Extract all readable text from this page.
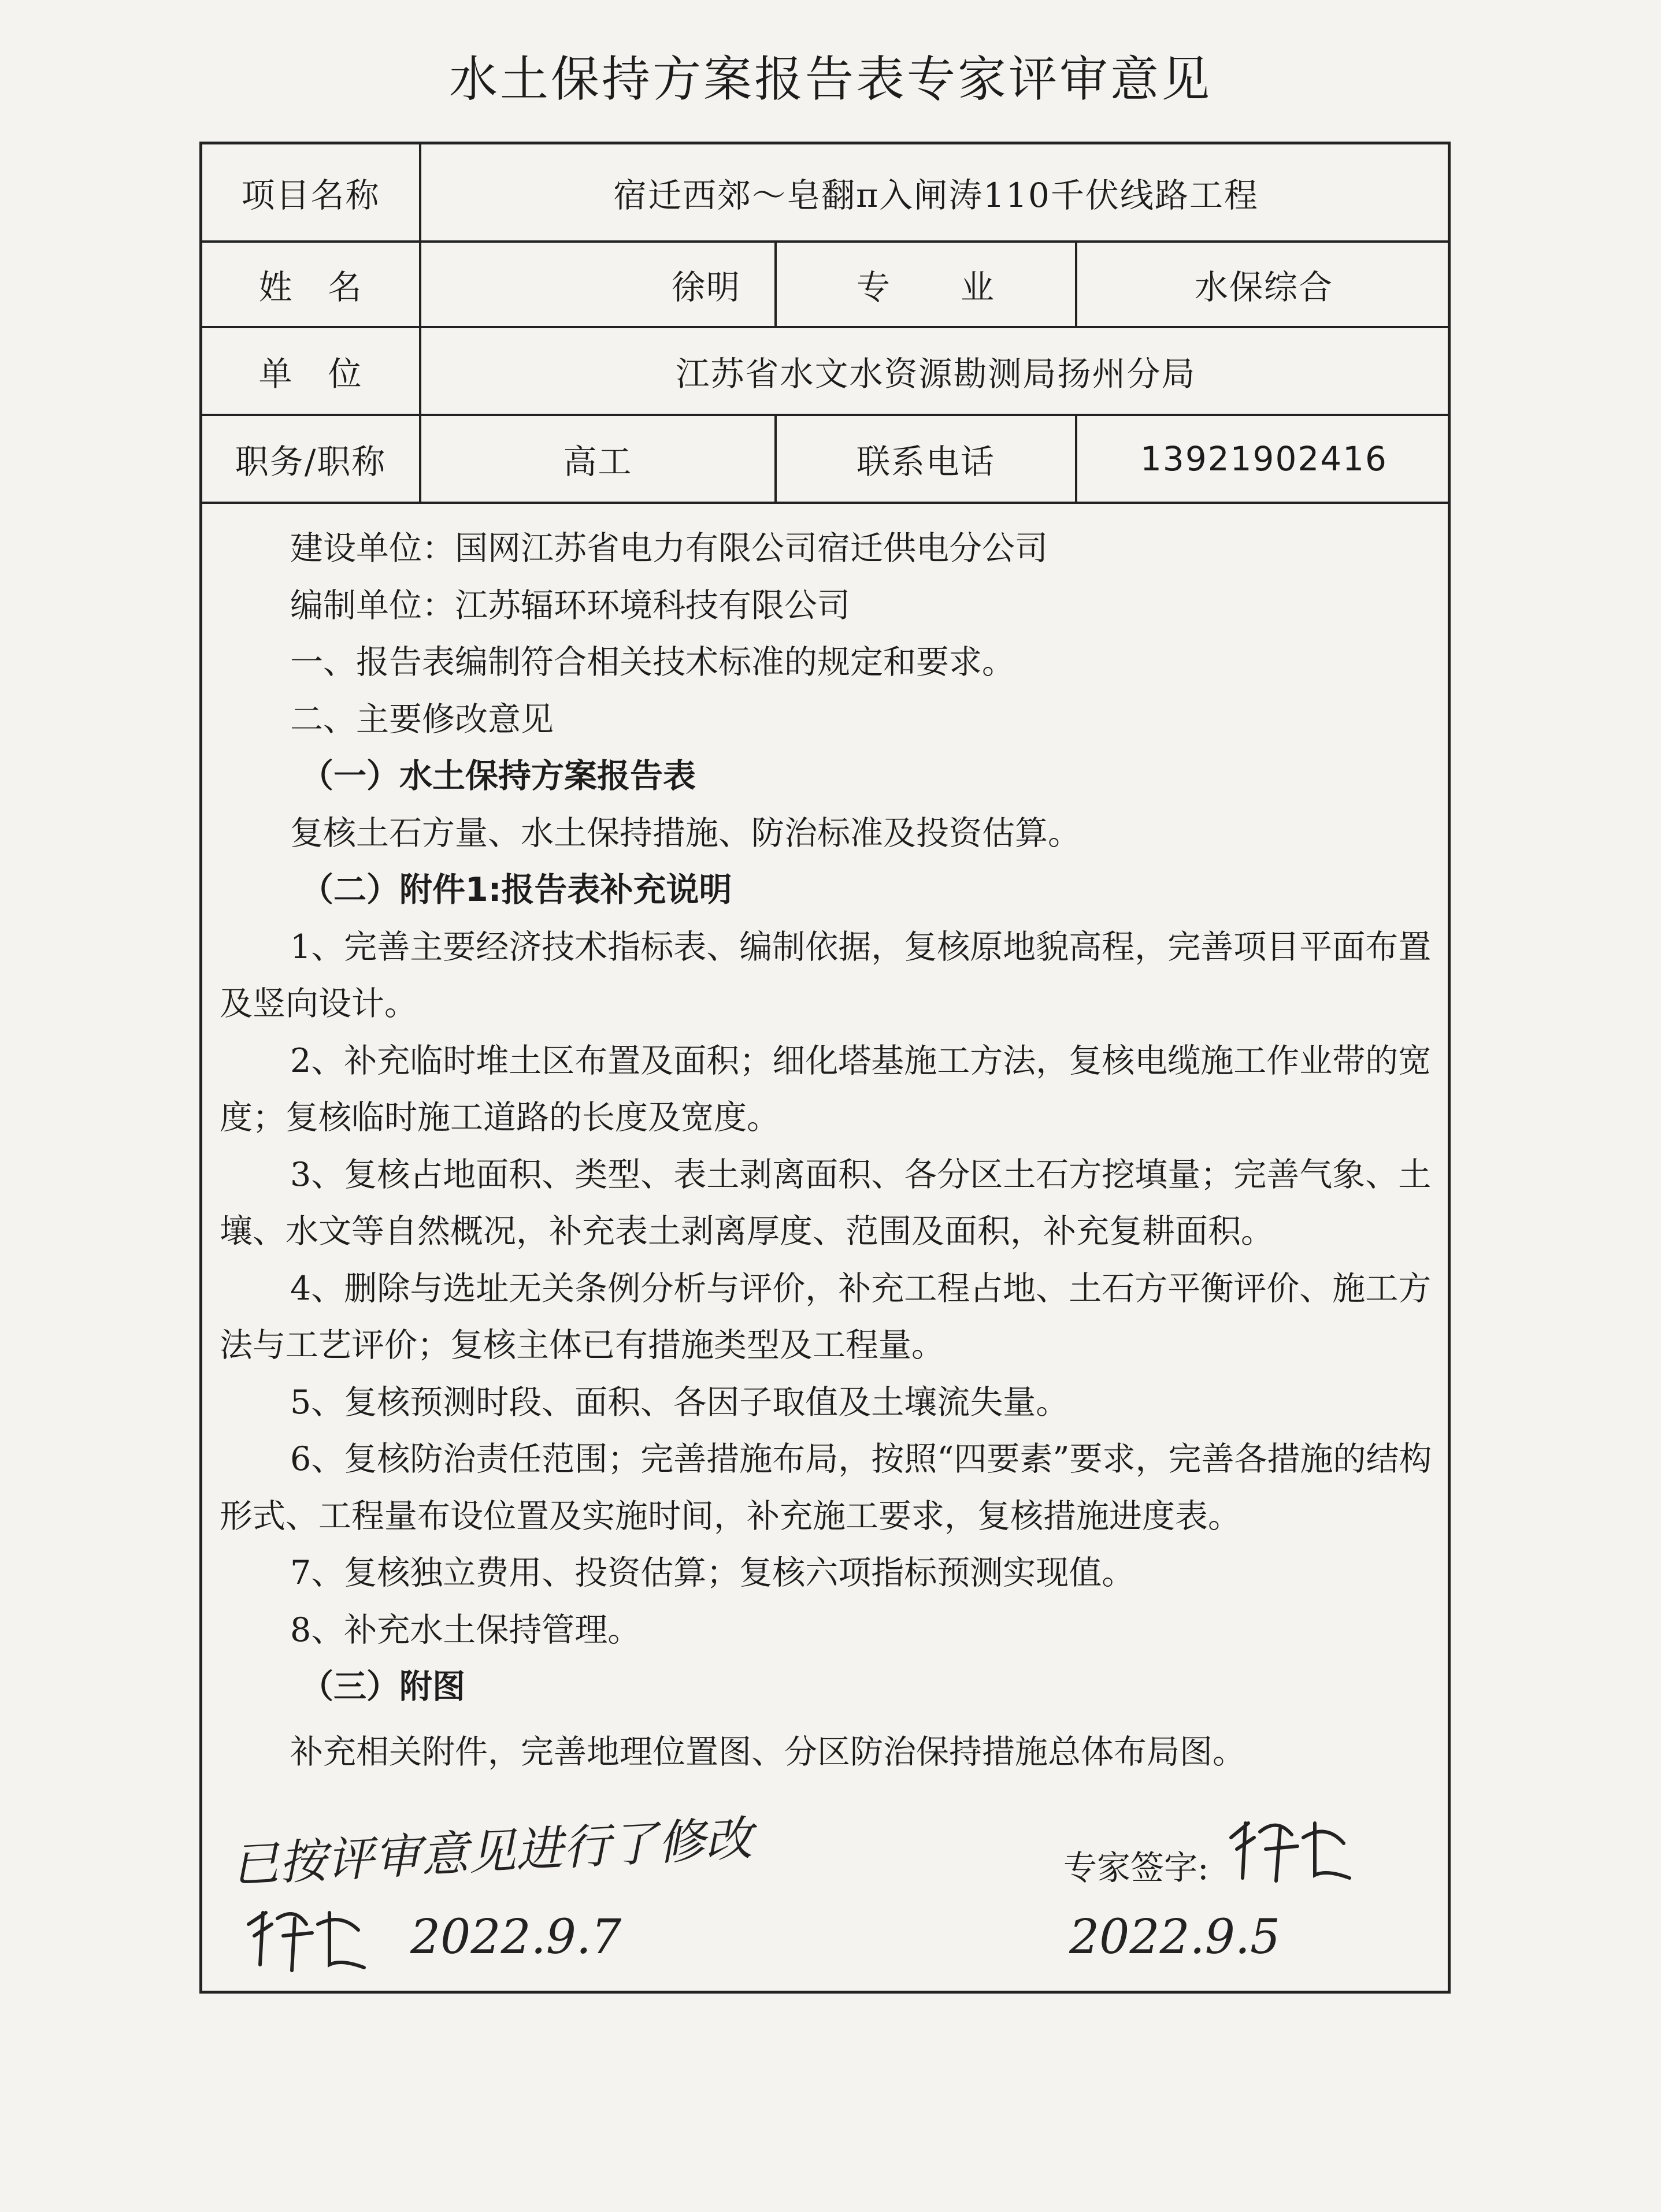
水土保持方案报告表专家评审意见
项目名称	宿迁西郊～皂翻π入闸涛110千伏线路工程
姓　名	徐明	专　　业	水保综合
单　位	江苏省水文水资源勘测局扬州分局
职务/职称	高工	联系电话	13921902416

建设单位：国网江苏省电力有限公司宿迁供电分公司

编制单位：江苏辐环环境科技有限公司

一、报告表编制符合相关技术标准的规定和要求。

二、主要修改意见

（一）水土保持方案报告表

复核土石方量、水土保持措施、防治标准及投资估算。

（二）附件1:报告表补充说明

1、完善主要经济技术指标表、编制依据，复核原地貌高程，完善项目平面布置及竖向设计。

2、补充临时堆土区布置及面积；细化塔基施工方法，复核电缆施工作业带的宽度；复核临时施工道路的长度及宽度。

3、复核占地面积、类型、表土剥离面积、各分区土石方挖填量；完善气象、土壤、水文等自然概况，补充表土剥离厚度、范围及面积，补充复耕面积。

4、删除与选址无关条例分析与评价，补充工程占地、土石方平衡评价、施工方法与工艺评价；复核主体已有措施类型及工程量。

5、复核预测时段、面积、各因子取值及土壤流失量。

6、复核防治责任范围；完善措施布局，按照“四要素”要求，完善各措施的结构形式、工程量布设位置及实施时间，补充施工要求，复核措施进度表。

7、复核独立费用、投资估算；复核六项指标预测实现值。

8、补充水土保持管理。

（三）附图

补充相关附件，完善地理位置图、分区防治保持措施总体布局图。

已按评审意见进行了修改
2022.9.7
专家签字:
2022.9.5
